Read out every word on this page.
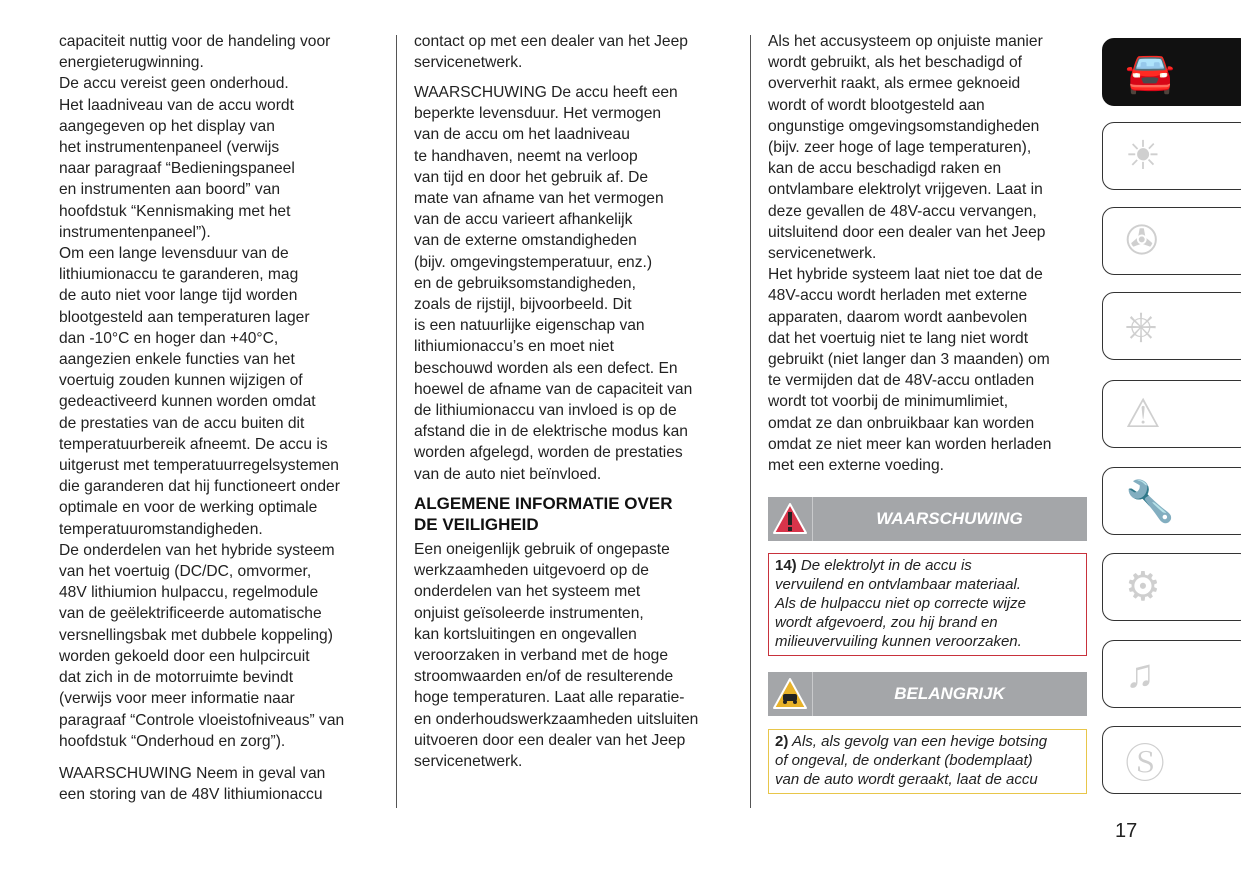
capaciteit nuttig voor de handeling voor
energieterugwinning.
De accu vereist geen onderhoud.
Het laadniveau van de accu wordt
aangegeven op het display van
het instrumentenpaneel (verwijs
naar paragraaf “Bedieningspaneel
en instrumenten aan boord” van
hoofdstuk “Kennismaking met het
instrumentenpaneel”).
Om een lange levensduur van de
lithiumionaccu te garanderen, mag
de auto niet voor lange tijd worden
blootgesteld aan temperaturen lager
dan -10°C en hoger dan +40°C,
aangezien enkele functies van het
voertuig zouden kunnen wijzigen of
gedeactiveerd kunnen worden omdat
de prestaties van de accu buiten dit
temperatuurbereik afneemt. De accu is
uitgerust met temperatuurregelsystemen
die garanderen dat hij functioneert onder
optimale en voor de werking optimale
temperatuuromstandigheden.
De onderdelen van het hybride systeem
van het voertuig (DC/DC, omvormer,
48V lithiumion hulpaccu, regelmodule
van de geëlektrificeerde automatische
versnellingsbak met dubbele koppeling)
worden gekoeld door een hulpcircuit
dat zich in de motorruimte bevindt
(verwijs voor meer informatie naar
paragraaf “Controle vloeistofniveaus” van
hoofdstuk “Onderhoud en zorg”).
WAARSCHUWING Neem in geval van
een storing van de 48V lithiumionaccu
contact op met een dealer van het Jeep
servicenetwerk.
WAARSCHUWING De accu heeft een
beperkte levensduur. Het vermogen
van de accu om het laadniveau
te handhaven, neemt na verloop
van tijd en door het gebruik af. De
mate van afname van het vermogen
van de accu varieert afhankelijk
van de externe omstandigheden
(bijv. omgevingstemperatuur, enz.)
en de gebruiksomstandigheden,
zoals de rijstijl, bijvoorbeeld. Dit
is een natuurlijke eigenschap van
lithiumionaccu’s en moet niet
beschouwd worden als een defect. En
hoewel de afname van de capaciteit van
de lithiumionaccu van invloed is op de
afstand die in de elektrische modus kan
worden afgelegd, worden de prestaties
van de auto niet beïnvloed.
ALGEMENE INFORMATIE OVER
DE VEILIGHEID
Een oneigenlijk gebruik of ongepaste
werkzaamheden uitgevoerd op de
onderdelen van het systeem met
onjuist geïsoleerde instrumenten,
kan kortsluitingen en ongevallen
veroorzaken in verband met de hoge
stroomwaarden en/of de resulterende
hoge temperaturen. Laat alle reparatie-
en onderhoudswerkzaamheden uitsluiten
uitvoeren door een dealer van het Jeep
servicenetwerk.
Als het accusysteem op onjuiste manier
wordt gebruikt, als het beschadigd of
oververhit raakt, als ermee geknoeid
wordt of wordt blootgesteld aan
ongunstige omgevingsomstandigheden
(bijv. zeer hoge of lage temperaturen),
kan de accu beschadigd raken en
ontvlambare elektrolyt vrijgeven. Laat in
deze gevallen de 48V-accu vervangen,
uitsluitend door een dealer van het Jeep
servicenetwerk.
Het hybride systeem laat niet toe dat de
48V-accu wordt herladen met externe
apparaten, daarom wordt aanbevolen
dat het voertuig niet te lang niet wordt
gebruikt (niet langer dan 3 maanden) om
te vermijden dat de 48V-accu ontladen
wordt tot voorbij de minimumlimiet,
omdat ze dan onbruikbaar kan worden
omdat ze niet meer kan worden herladen
met een externe voeding.
WAARSCHUWING
14) De elektrolyt in de accu is
vervuilend en ontvlambaar materiaal.
Als de hulpaccu niet op correcte wijze
wordt afgevoerd, zou hij brand en
milieuvervuiling kunnen veroorzaken.
BELANGRIJK
2) Als, als gevolg van een hevige botsing
of ongeval, de onderkant (bodemplaat)
van de auto wordt geraakt, laat de accu
🚘
☀
✇
⎈
⚠
🔧
⚙
♫
Ⓢ
17
